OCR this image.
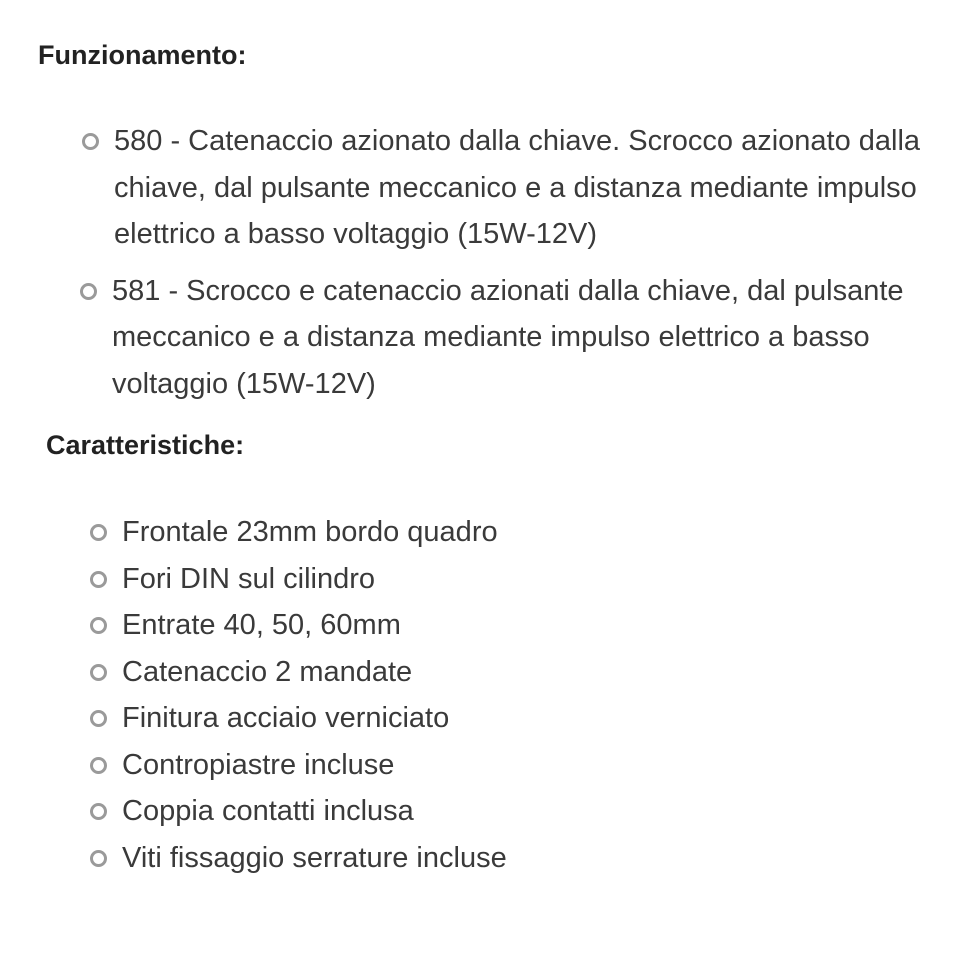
Funzionamento:
580 - Catenaccio azionato dalla chiave. Scrocco azionato dalla chiave, dal pulsante meccanico e a distanza mediante impulso elettrico a basso voltaggio (15W-12V)
581 - Scrocco e catenaccio azionati dalla chiave, dal pulsante meccanico e a distanza mediante impulso elettrico a basso voltaggio (15W-12V)
Caratteristiche:
Frontale 23mm bordo quadro
Fori DIN sul cilindro
Entrate 40, 50, 60mm
Catenaccio 2 mandate
Finitura acciaio verniciato
Contropiastre incluse
Coppia contatti inclusa
Viti fissaggio serrature incluse
